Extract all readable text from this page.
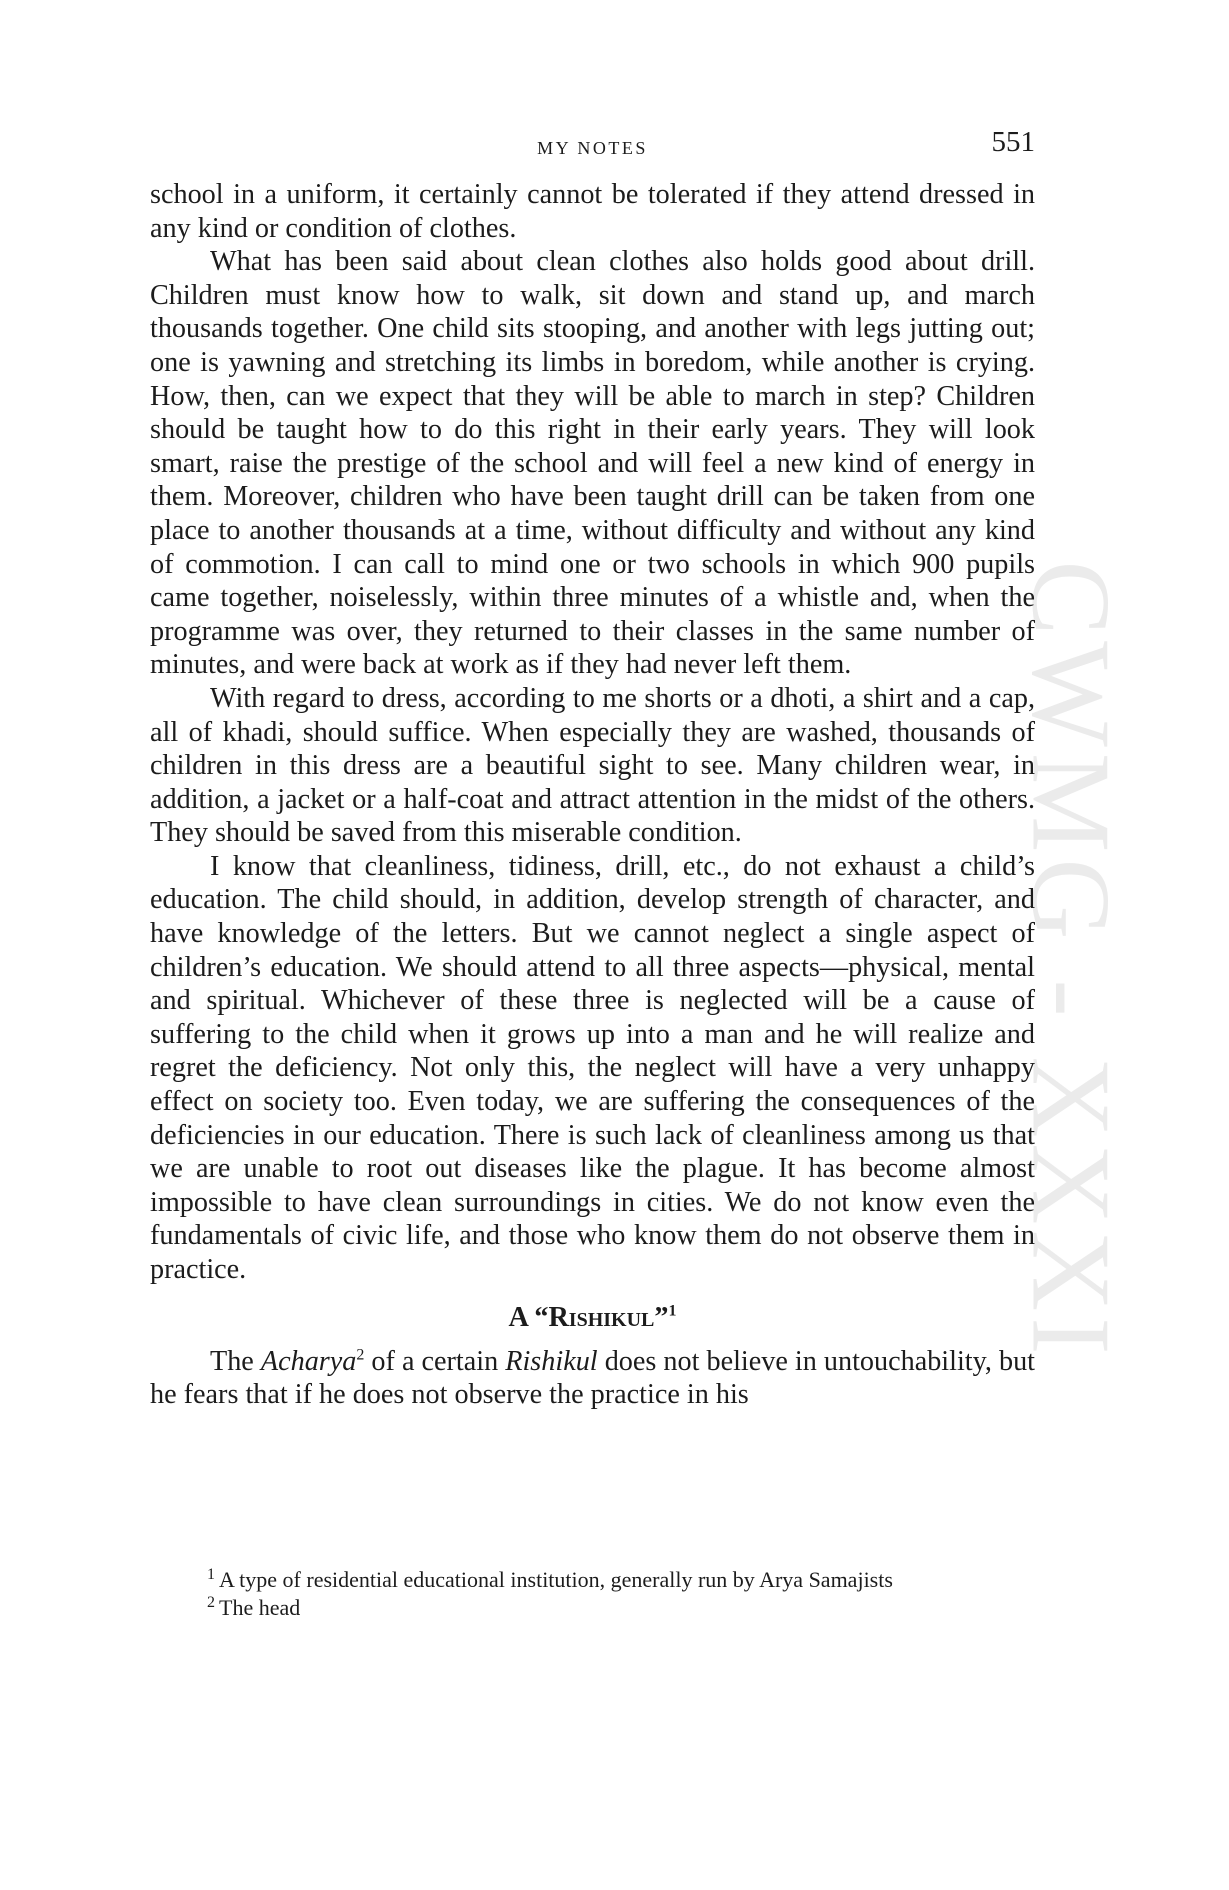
CWMG - XXXI
MY NOTES	551

school in a uniform, it certainly cannot be tolerated if they attend dressed in any kind or condition of clothes.

What has been said about clean clothes also holds good about drill. Children must know how to walk, sit down and stand up, and march thousands together. One child sits stooping, and another with legs jutting out; one is yawning and stretching its limbs in boredom, while another is crying. How, then, can we expect that they will be able to march in step? Children should be taught how to do this right in their early years. They will look smart, raise the prestige of the school and will feel a new kind of energy in them. Moreover, children who have been taught drill can be taken from one place to another thousands at a time, without difficulty and without any kind of commotion. I can call to mind one or two schools in which 900 pupils came together, noiselessly, within three minutes of a whistle and, when the programme was over, they returned to their classes in the same number of minutes, and were back at work as if they had never left them.

With regard to dress, according to me shorts or a dhoti, a shirt and a cap, all of khadi, should suffice. When especially they are washed, thousands of children in this dress are a beautiful sight to see. Many children wear, in addition, a jacket or a half-coat and attract attention in the midst of the others. They should be saved from this miserable condition.

I know that cleanliness, tidiness, drill, etc., do not exhaust a child’s education. The child should, in addition, develop strength of character, and have knowledge of the letters. But we cannot neglect a single aspect of children’s education. We should attend to all three aspects—physical, mental and spiritual. Whichever of these three is neglected will be a cause of suffering to the child when it grows up into a man and he will realize and regret the deficiency. Not only this, the neglect will have a very unhappy effect on society too. Even today, we are suffering the consequences of the deficiencies in our education. There is such lack of cleanliness among us that we are unable to root out diseases like the plague. It has become almost impossible to have clean surroundings in cities. We do not know even the fundamentals of civic life, and those who know them do not observe them in practice.

A “Rishikul”$^1$

The Acharya$^2$ of a certain Rishikul does not believe in untouchability, but he fears that if he does not observe the practice in his

$^1$ A type of residential educational institution, generally run by Arya Samajists

$^2$ The head
